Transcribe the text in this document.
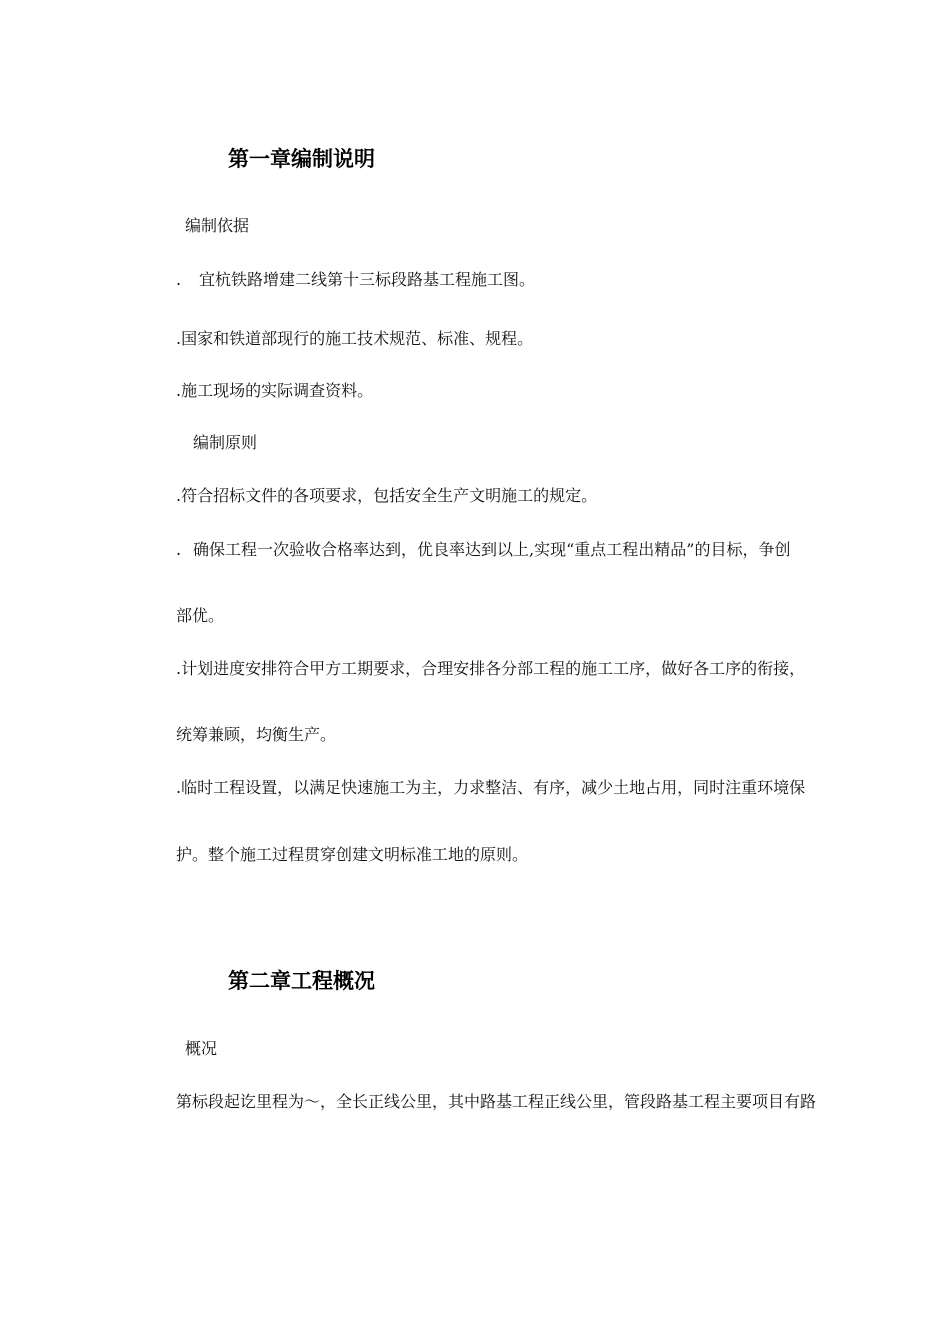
第一章编制说明
编制依据
. 宜杭铁路增建二线第十三标段路基工程施工图。
.国家和铁道部现行的施工技术规范、标准、规程。
.施工现场的实际调查资料。
编制原则
.符合招标文件的各项要求，包括安全生产文明施工的规定。
. 确保工程一次验收合格率达到，优良率达到以上,实现“重点工程出精品”的目标，争创
部优。
.计划进度安排符合甲方工期要求，合理安排各分部工程的施工工序，做好各工序的衔接，
统筹兼顾，均衡生产。
.临时工程设置，以满足快速施工为主，力求整洁、有序，减少土地占用，同时注重环境保
护。整个施工过程贯穿创建文明标准工地的原则。
第二章工程概况
概况
第标段起讫里程为～，全长正线公里，其中路基工程正线公里，管段路基工程主要项目有路
